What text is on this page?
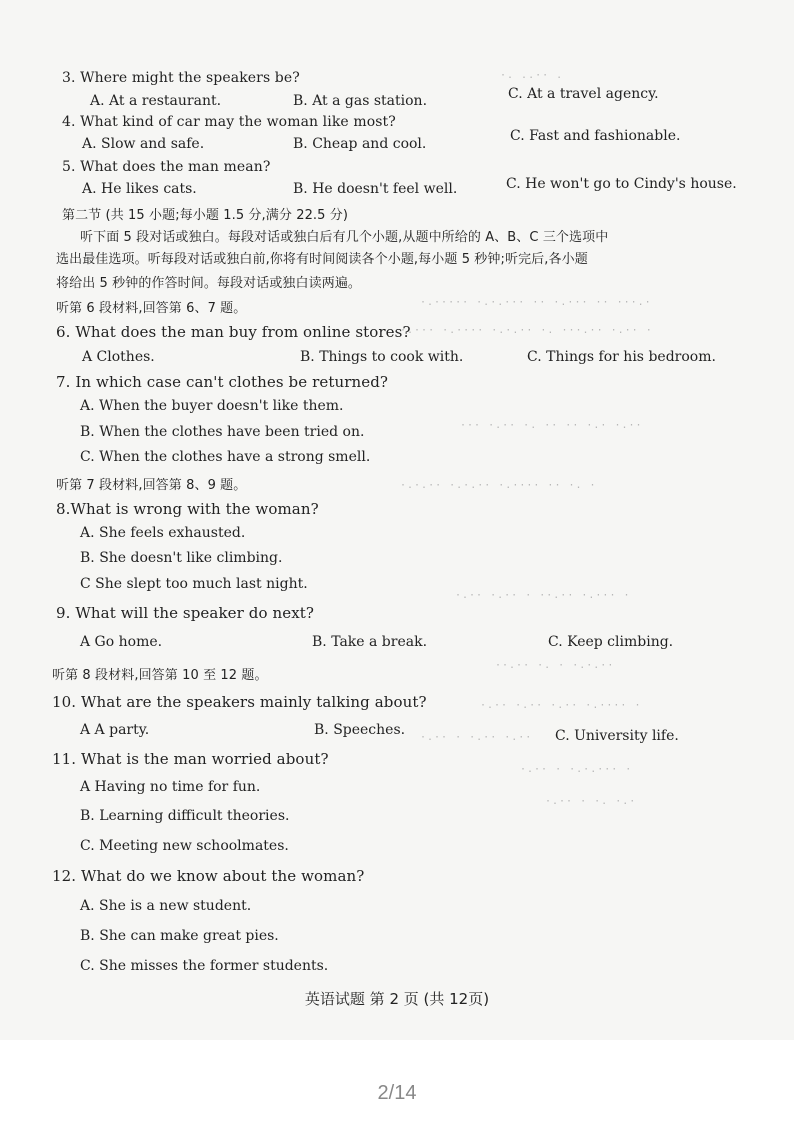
3. Where might the speakers be?
A. At a restaurant.	B. At a gas station.	C. At a travel agency.
4. What kind of car may the woman like most?
A. Slow and safe.	B. Cheap and cool.	C. Fast and fashionable.
5. What does the man mean?
A. He likes cats.	B. He doesn't feel well.	C. He won't go to Cindy's house.
第二节 (共 15 小题;每小题 1.5 分,满分 22.5 分)
听下面 5 段对话或独白。每段对话或独白后有几个小题,从题中所给的 A、B、C 三个选项中
选出最佳选项。听每段对话或独白前,你将有时间阅读各个小题,每小题 5 秒钟;听完后,各小题
将给出 5 秒钟的作答时间。每段对话或独白读两遍。
听第 6 段材料,回答第 6、7 题。
6. What does the man buy from online stores?
A Clothes.	B. Things to cook with.	C. Things for his bedroom.
7. In which case can't clothes be returned?
A. When the buyer doesn't like them.
B. When the clothes have been tried on.
C. When the clothes have a strong smell.
听第 7 段材料,回答第 8、9 题。
8.What is wrong with the woman?
A. She feels exhausted.
B. She doesn't like climbing.
C She slept too much last night.
9. What will the speaker do next?
A Go home.	B. Take a break.	C. Keep climbing.
听第 8 段材料,回答第 10 至 12 题。
10. What are the speakers mainly talking about?
A A party.	B. Speeches.	C. University life.
11. What is the man worried about?
A Having no time for fun.
B. Learning difficult theories.
C. Meeting new schoolmates.
12. What do we know about the woman?
A. She is a new student.
B. She can make great pies.
C. She misses the former students.
·. ..·· .
·.····· ·.·.··· ·· ·.··· ·· ···.·
·.··· ·.···· ·.·.·· ·. ···.·· ·.·· ·
··· ·.·· ·. ·· ·· ·.· ·.··
·.·.·· ·.·.·· ·.···· ·· ·. ·
·.·· ·.·· · ··.·· ·.··· ·
··.·· ·. · ·.·.··
·.·· ·.·· ·.·· ·.···· ·
·.·· · ·.·· ·.··
·.·· · ·.·.··· ·
·.·· · ·. ·.·
英语试题 第 2 页 (共 12页)
2/14
